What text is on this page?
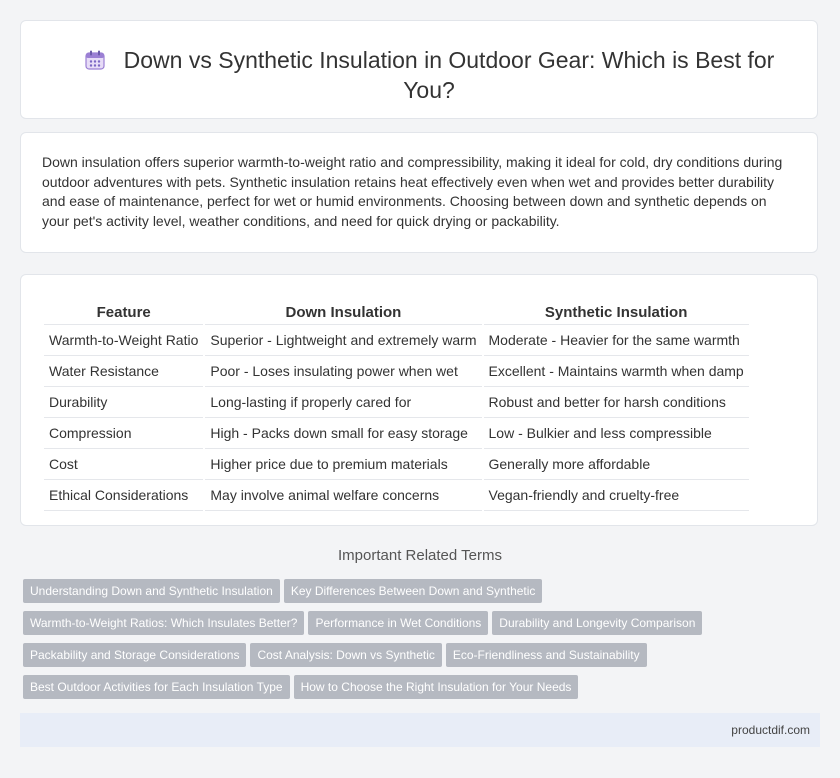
Down vs Synthetic Insulation in Outdoor Gear: Which is Best for You?
Down insulation offers superior warmth-to-weight ratio and compressibility, making it ideal for cold, dry conditions during outdoor adventures with pets. Synthetic insulation retains heat effectively even when wet and provides better durability and ease of maintenance, perfect for wet or humid environments. Choosing between down and synthetic depends on your pet's activity level, weather conditions, and need for quick drying or packability.
Feature	Down Insulation	Synthetic Insulation
Warmth-to-Weight Ratio	Superior - Lightweight and extremely warm	Moderate - Heavier for the same warmth
Water Resistance	Poor - Loses insulating power when wet	Excellent - Maintains warmth when damp
Durability	Long-lasting if properly cared for	Robust and better for harsh conditions
Compression	High - Packs down small for easy storage	Low - Bulkier and less compressible
Cost	Higher price due to premium materials	Generally more affordable
Ethical Considerations	May involve animal welfare concerns	Vegan-friendly and cruelty-free
Important Related Terms
Understanding Down and Synthetic Insulation Key Differences Between Down and Synthetic
Warmth-to-Weight Ratios: Which Insulates Better? Performance in Wet Conditions Durability and Longevity Comparison
Packability and Storage Considerations Cost Analysis: Down vs Synthetic Eco-Friendliness and Sustainability
Best Outdoor Activities for Each Insulation Type How to Choose the Right Insulation for Your Needs
productdif.com
